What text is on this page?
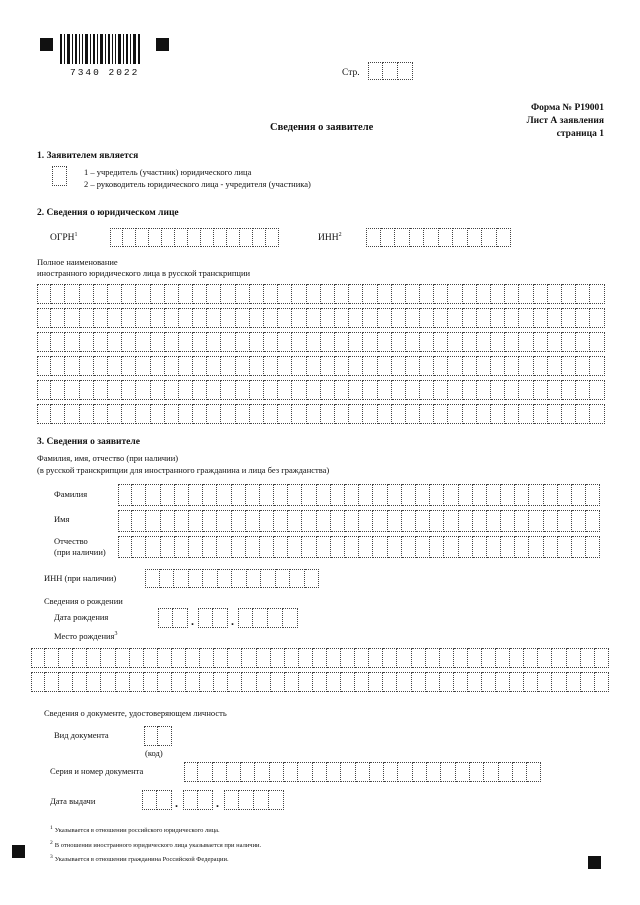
7340 2022	Стр.
Форма № Р19001
Лист А заявления
страница 1
Сведения о заявителе
1. Заявителем является
1 – учредитель (участник) юридического лица
2 – руководитель юридического лица - учредителя (участника)
2. Сведения о юридическом лице
ОГРН$^1$	ИНН$^2$
Полное наименование
иностранного юридического лица в русской транскрипции
3. Сведения о заявителе
Фамилия, имя, отчество (при наличии)
(в русской транскрипции для иностранного гражданина и лица без гражданства)
Фамилия
Имя
Отчество
(при наличии)
ИНН (при наличии)
Сведения о рождении
Дата рождения	.	.
Место рождения$^3$
Сведения о документе, удостоверяющем личность
Вид документа
(код)
Серия и номер документа
Дата выдачи	.	.
$^1$ Указывается в отношении российского юридического лица.
$^2$ В отношении иностранного юридического лица указывается при наличии.
$^3$ Указывается в отношении гражданина Российской Федерации.
